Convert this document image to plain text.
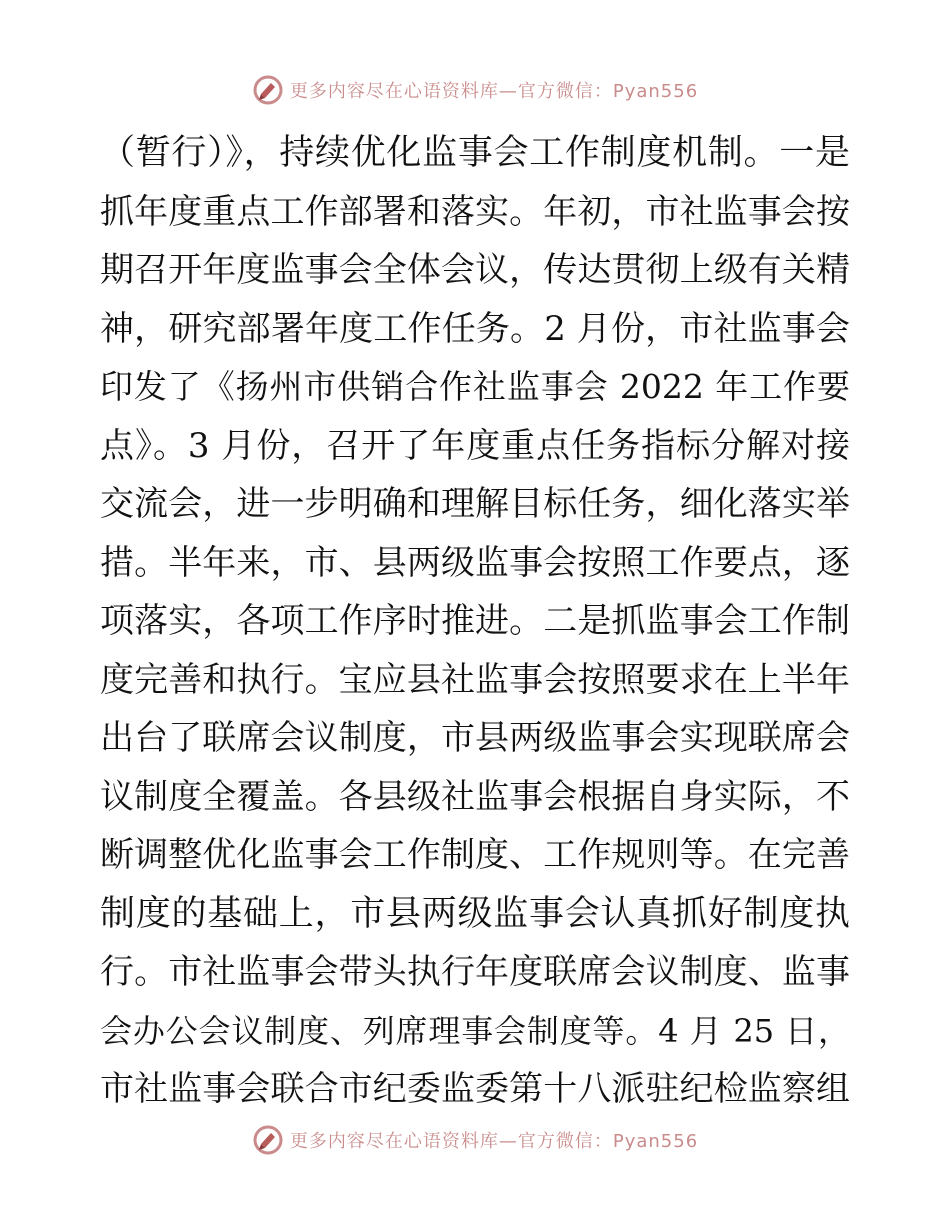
更多内容尽在心语资料库—官方微信：Pyan556
（暂行）》，持续优化监事会工作制度机制。一是
抓年度重点工作部署和落实。年初，市社监事会按
期召开年度监事会全体会议，传达贯彻上级有关精
神，研究部署年度工作任务。2 月份，市社监事会
印发了《扬州市供销合作社监事会 2022 年工作要
点》。3 月份，召开了年度重点任务指标分解对接
交流会，进一步明确和理解目标任务，细化落实举
措。半年来，市、县两级监事会按照工作要点，逐
项落实，各项工作序时推进。二是抓监事会工作制
度完善和执行。宝应县社监事会按照要求在上半年
出台了联席会议制度，市县两级监事会实现联席会
议制度全覆盖。各县级社监事会根据自身实际，不
断调整优化监事会工作制度、工作规则等。在完善
制度的基础上，市县两级监事会认真抓好制度执
行。市社监事会带头执行年度联席会议制度、监事
会办公会议制度、列席理事会制度等。4 月 25 日，
市社监事会联合市纪委监委第十八派驻纪检监察组
更多内容尽在心语资料库—官方微信：Pyan556
